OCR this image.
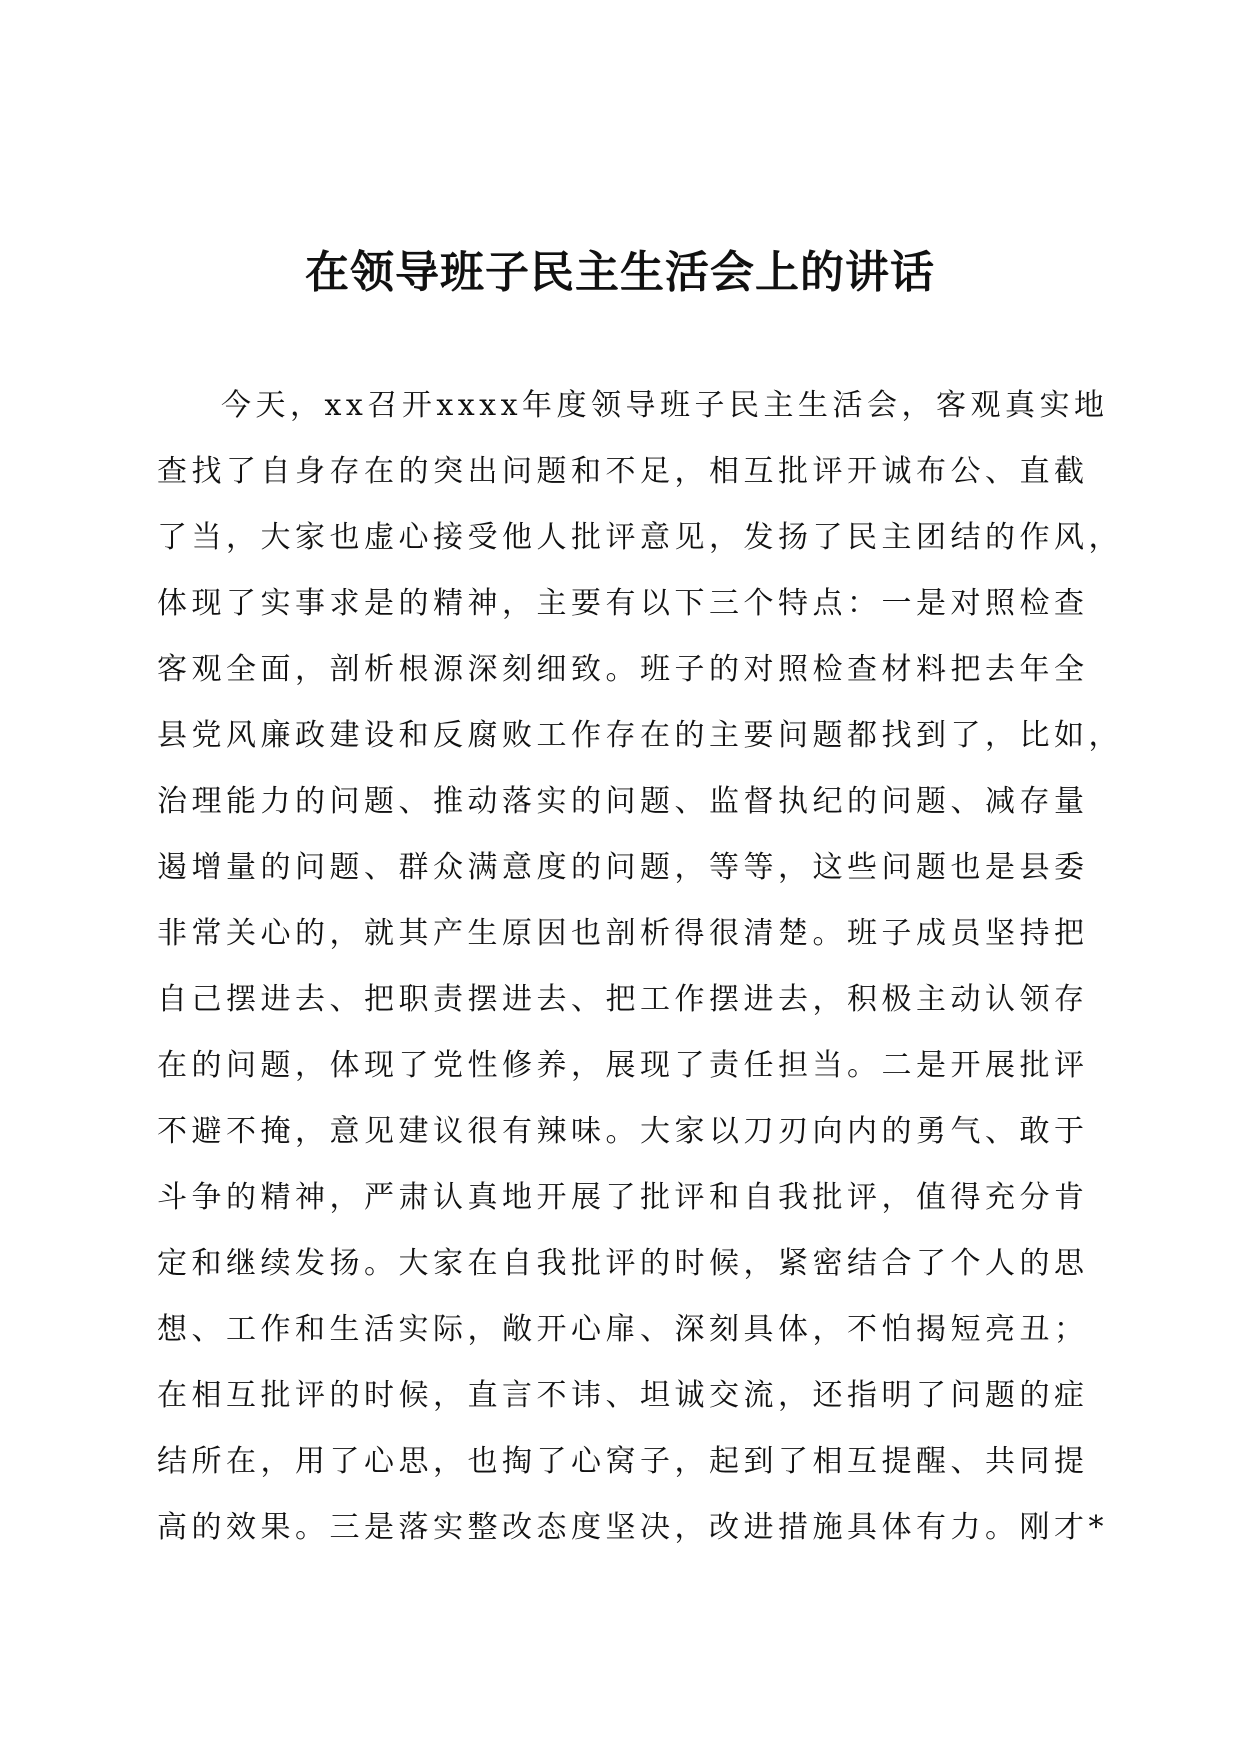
在领导班子民主生活会上的讲话
今天，xx召开xxxx年度领导班子民主生活会，客观真实地
查找了自身存在的突出问题和不足，相互批评开诚布公、直截
了当，大家也虚心接受他人批评意见，发扬了民主团结的作风，
体现了实事求是的精神，主要有以下三个特点：一是对照检查
客观全面，剖析根源深刻细致。班子的对照检查材料把去年全
县党风廉政建设和反腐败工作存在的主要问题都找到了，比如，
治理能力的问题、推动落实的问题、监督执纪的问题、减存量
遏增量的问题、群众满意度的问题，等等，这些问题也是县委
非常关心的，就其产生原因也剖析得很清楚。班子成员坚持把
自己摆进去、把职责摆进去、把工作摆进去，积极主动认领存
在的问题，体现了党性修养，展现了责任担当。二是开展批评
不避不掩，意见建议很有辣味。大家以刀刃向内的勇气、敢于
斗争的精神，严肃认真地开展了批评和自我批评，值得充分肯
定和继续发扬。大家在自我批评的时候，紧密结合了个人的思
想、工作和生活实际，敞开心扉、深刻具体，不怕揭短亮丑；
在相互批评的时候，直言不讳、坦诚交流，还指明了问题的症
结所在，用了心思，也掏了心窝子，起到了相互提醒、共同提
高的效果。三是落实整改态度坚决，改进措施具体有力。刚才*
